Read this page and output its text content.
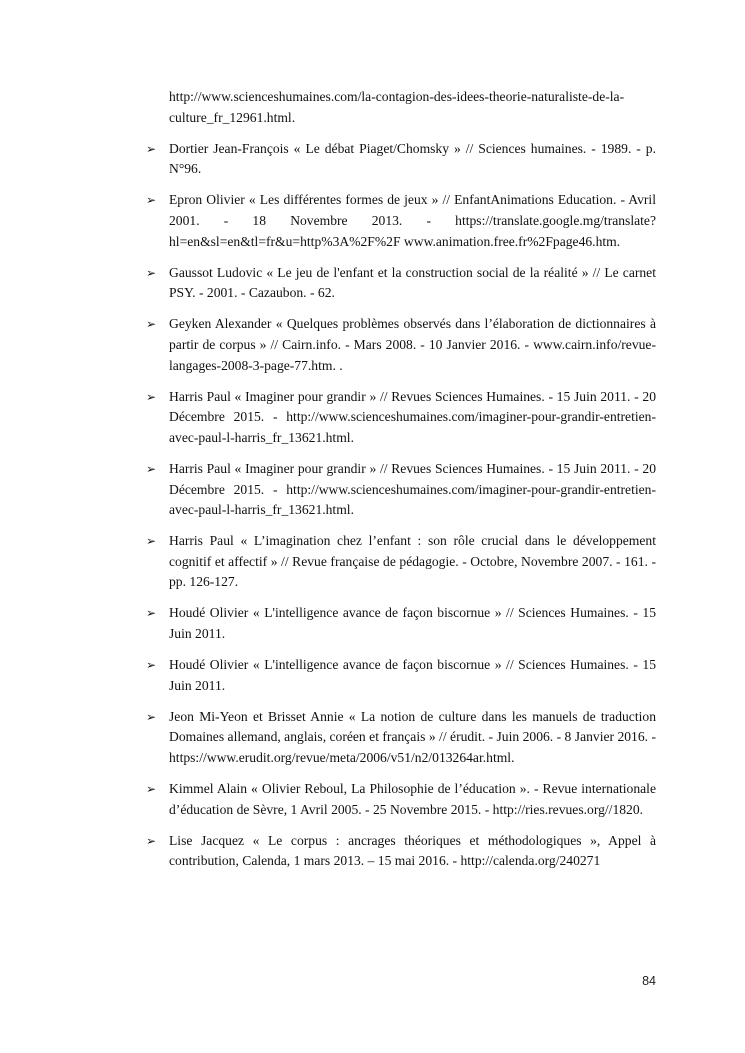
http://www.scienceshumaines.com/la-contagion-des-idees-theorie-naturaliste-de-la-culture_fr_12961.html.
➢ Dortier Jean-François « Le débat Piaget/Chomsky » // Sciences humaines. - 1989. - p. N°96.
➢ Epron Olivier « Les différentes formes de jeux » // EnfantAnimations Education. - Avril 2001. - 18 Novembre 2013. - https://translate.google.mg/translate?hl=en&sl=en&tl=fr&u=http%3A%2F%2F www.animation.free.fr%2Fpage46.htm.
➢ Gaussot Ludovic « Le jeu de l'enfant et la construction social de la réalité » // Le carnet PSY. - 2001. - Cazaubon. - 62.
➢ Geyken Alexander « Quelques problèmes observés dans l’élaboration de dictionnaires à partir de corpus » // Cairn.info. - Mars 2008. - 10 Janvier 2016. - www.cairn.info/revue-langages-2008-3-page-77.htm. .
➢ Harris Paul « Imaginer pour grandir » // Revues Sciences Humaines. - 15 Juin 2011. - 20 Décembre 2015. - http://www.scienceshumaines.com/imaginer-pour-grandir-entretien-avec-paul-l-harris_fr_13621.html.
➢ Harris Paul « Imaginer pour grandir » // Revues Sciences Humaines. - 15 Juin 2011. - 20 Décembre 2015. - http://www.scienceshumaines.com/imaginer-pour-grandir-entretien-avec-paul-l-harris_fr_13621.html.
➢ Harris Paul « L’imagination chez l’enfant : son rôle crucial dans le développement cognitif et affectif » // Revue française de pédagogie. - Octobre, Novembre 2007. - 161. - pp. 126-127.
➢ Houdé Olivier « L'intelligence avance de façon biscornue » // Sciences Humaines. - 15 Juin 2011.
➢ Houdé Olivier « L'intelligence avance de façon biscornue » // Sciences Humaines. - 15 Juin 2011.
➢ Jeon Mi-Yeon et Brisset Annie « La notion de culture dans les manuels de traduction Domaines allemand, anglais, coréen et français » // érudit. - Juin 2006. - 8 Janvier 2016. - https://www.erudit.org/revue/meta/2006/v51/n2/013264ar.html.
➢ Kimmel Alain « Olivier Reboul, La Philosophie de l’éducation ». - Revue internationale d’éducation de Sèvre, 1 Avril 2005. - 25 Novembre 2015. - http://ries.revues.org//1820.
➢ Lise Jacquez « Le corpus : ancrages théoriques et méthodologiques », Appel à contribution, Calenda, 1 mars 2013. – 15 mai 2016. - http://calenda.org/240271
84
